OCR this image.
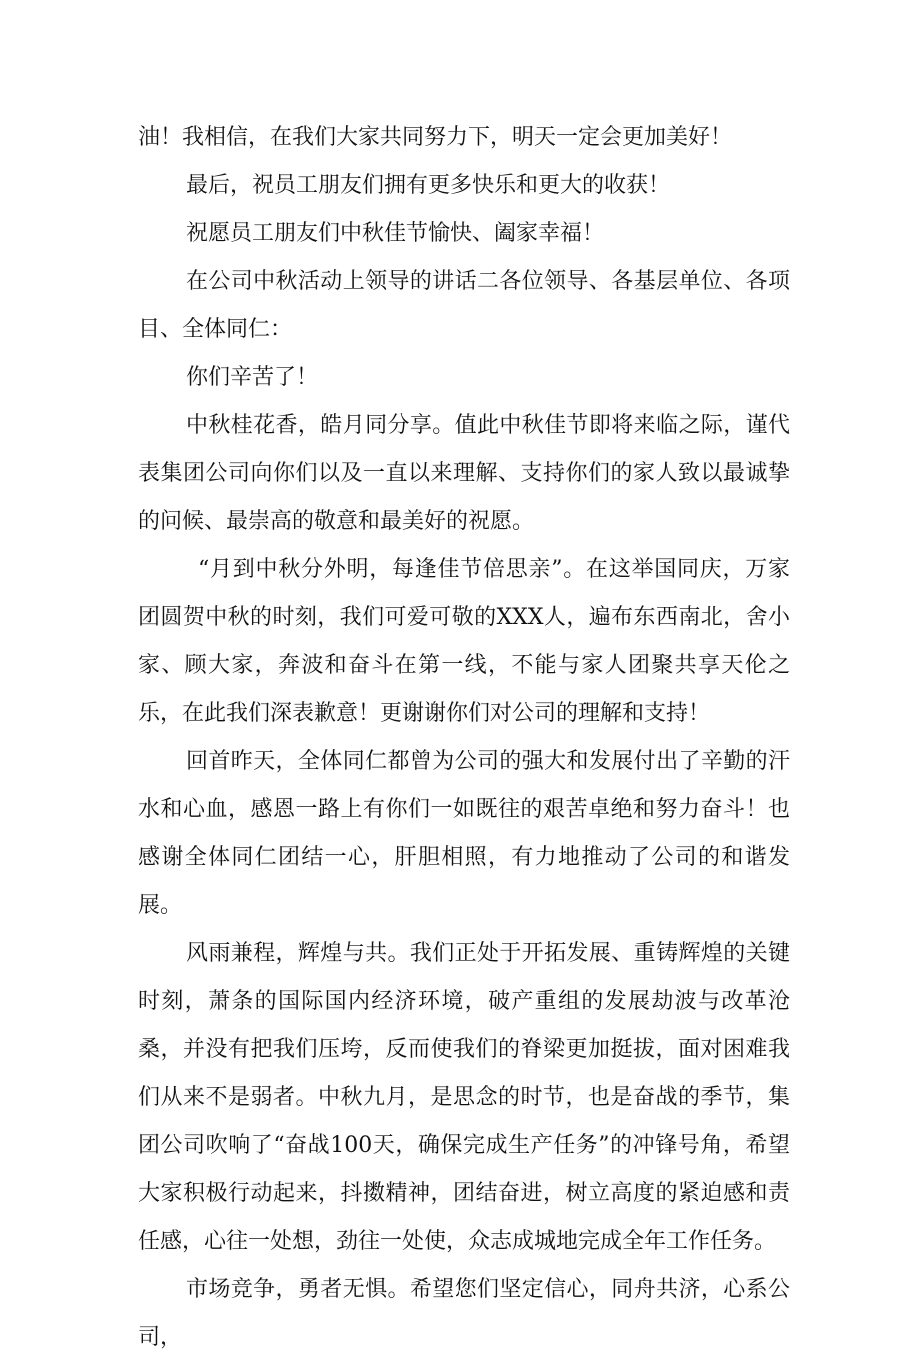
油！我相信，在我们大家共同努力下，明天一定会更加美好！

最后，祝员工朋友们拥有更多快乐和更大的收获！

祝愿员工朋友们中秋佳节愉快、阖家幸福！

在公司中秋活动上领导的讲话二各位领导、各基层单位、各项目、全体同仁：

你们辛苦了！

中秋桂花香，皓月同分享。值此中秋佳节即将来临之际，谨代表集团公司向你们以及一直以来理解、支持你们的家人致以最诚挚的问候、最崇高的敬意和最美好的祝愿。

“月到中秋分外明，每逢佳节倍思亲”。在这举国同庆，万家团圆贺中秋的时刻，我们可爱可敬的XXX人，遍布东西南北，舍小家、顾大家，奔波和奋斗在第一线，不能与家人团聚共享天伦之乐，在此我们深表歉意！更谢谢你们对公司的理解和支持！

回首昨天，全体同仁都曾为公司的强大和发展付出了辛勤的汗水和心血，感恩一路上有你们一如既往的艰苦卓绝和努力奋斗！也感谢全体同仁团结一心，肝胆相照，有力地推动了公司的和谐发展。

风雨兼程，辉煌与共。我们正处于开拓发展、重铸辉煌的关键时刻，萧条的国际国内经济环境，破产重组的发展劫波与改革沧桑，并没有把我们压垮，反而使我们的脊梁更加挺拔，面对困难我们从来不是弱者。中秋九月，是思念的时节，也是奋战的季节，集团公司吹响了“奋战100天，确保完成生产任务”的冲锋号角，希望大家积极行动起来，抖擞精神，团结奋进，树立高度的紧迫感和责任感，心往一处想，劲往一处使，众志成城地完成全年工作任务。

市场竞争，勇者无惧。希望您们坚定信心，同舟共济，心系公司，
